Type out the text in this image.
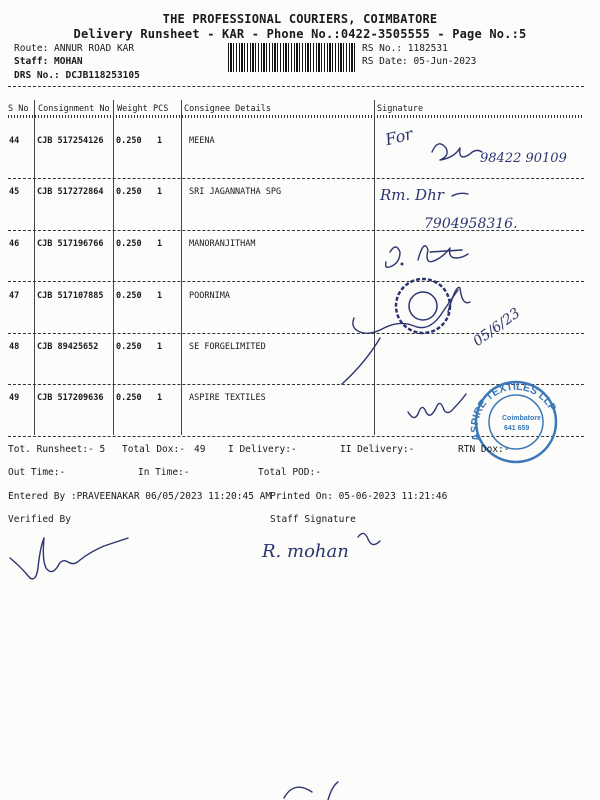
THE PROFESSIONAL COURIERS, COIMBATORE
Delivery Runsheet - KAR - Phone No.:0422-3505555 - Page No.:5
Route: ANNUR ROAD KAR
Staff: MOHAN
DRS No.: DCJB118253105
RS No.: 1182531
RS Date: 05-Jun-2023
S No Consignment No Weight PCS Consignee Details	Signature
44 CJB 517254126 0.250 1	MEENA
45 CJB 517272864 0.250 1	SRI JAGANNATHA SPG
46 CJB 517196766 0.250 1	MANORANJITHAM
47 CJB 517107885 0.250 1	POORNIMA
48 CJB 89425652 0.250 1	SE FORGELIMITED
49 CJB 517209636 0.250 1	ASPIRE TEXTILES
For
98422 90109
Rm. Dhr
7904958316.
05/6/23
ASPIRE TEXTILES LLP
Coimbatore
641 659
Tot. Runsheet:- 5 Total Dox:- 49 I Delivery:-	II Delivery:-	RTN Dox:-
Out Time:-	In Time:-	Total POD:-
Entered By :PRAVEENAKAR 06/05/2023 11:20:45 AM
Printed On: 05-06-2023 11:21:46
Verified By	Staff Signature
R. mohan
